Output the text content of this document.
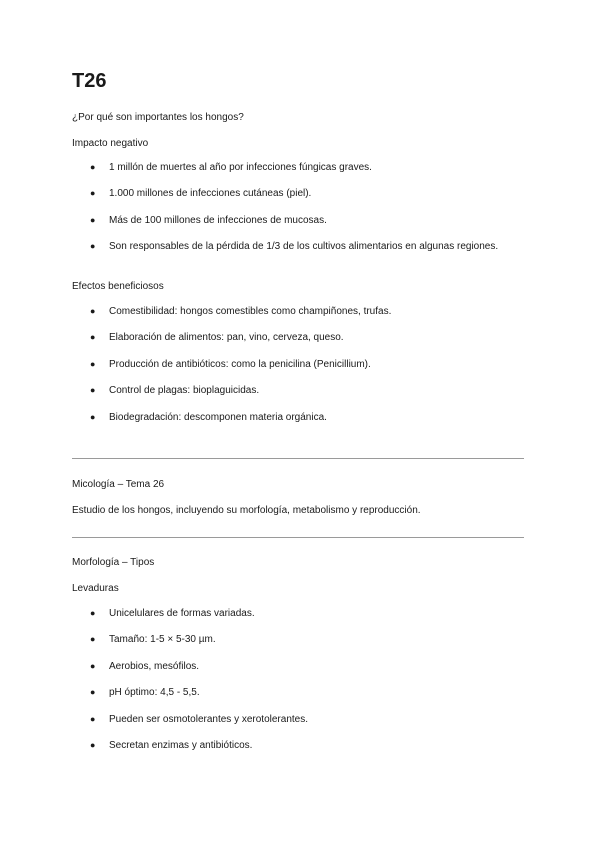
T26
¿Por qué son importantes los hongos?
Impacto negativo
● 1 millón de muertes al año por infecciones fúngicas graves.
● 1.000 millones de infecciones cutáneas (piel).
● Más de 100 millones de infecciones de mucosas.
● Son responsables de la pérdida de 1/3 de los cultivos alimentarios en algunas regiones.
Efectos beneficiosos
● Comestibilidad: hongos comestibles como champiñones, trufas.
● Elaboración de alimentos: pan, vino, cerveza, queso.
● Producción de antibióticos: como la penicilina (Penicillium).
● Control de plagas: bioplaguicidas.
● Biodegradación: descomponen materia orgánica.
Micología – Tema 26
Estudio de los hongos, incluyendo su morfología, metabolismo y reproducción.
Morfología – Tipos
Levaduras
● Unicelulares de formas variadas.
● Tamaño: 1-5 × 5-30 µm.
● Aerobios, mesófilos.
● pH óptimo: 4,5 - 5,5.
● Pueden ser osmotolerantes y xerotolerantes.
● Secretan enzimas y antibióticos.
